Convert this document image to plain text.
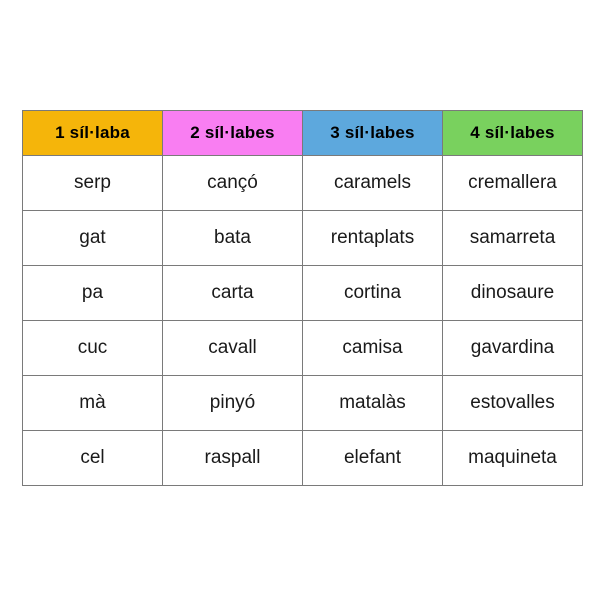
1 síl·laba	2 síl·labes	3 síl·labes	4 síl·labes
serp	cançó	caramels	cremallera
gat	bata	rentaplats	samarreta
pa	carta	cortina	dinosaure
cuc	cavall	camisa	gavardina
mà	pinyó	matalàs	estovalles
cel	raspall	elefant	maquineta
